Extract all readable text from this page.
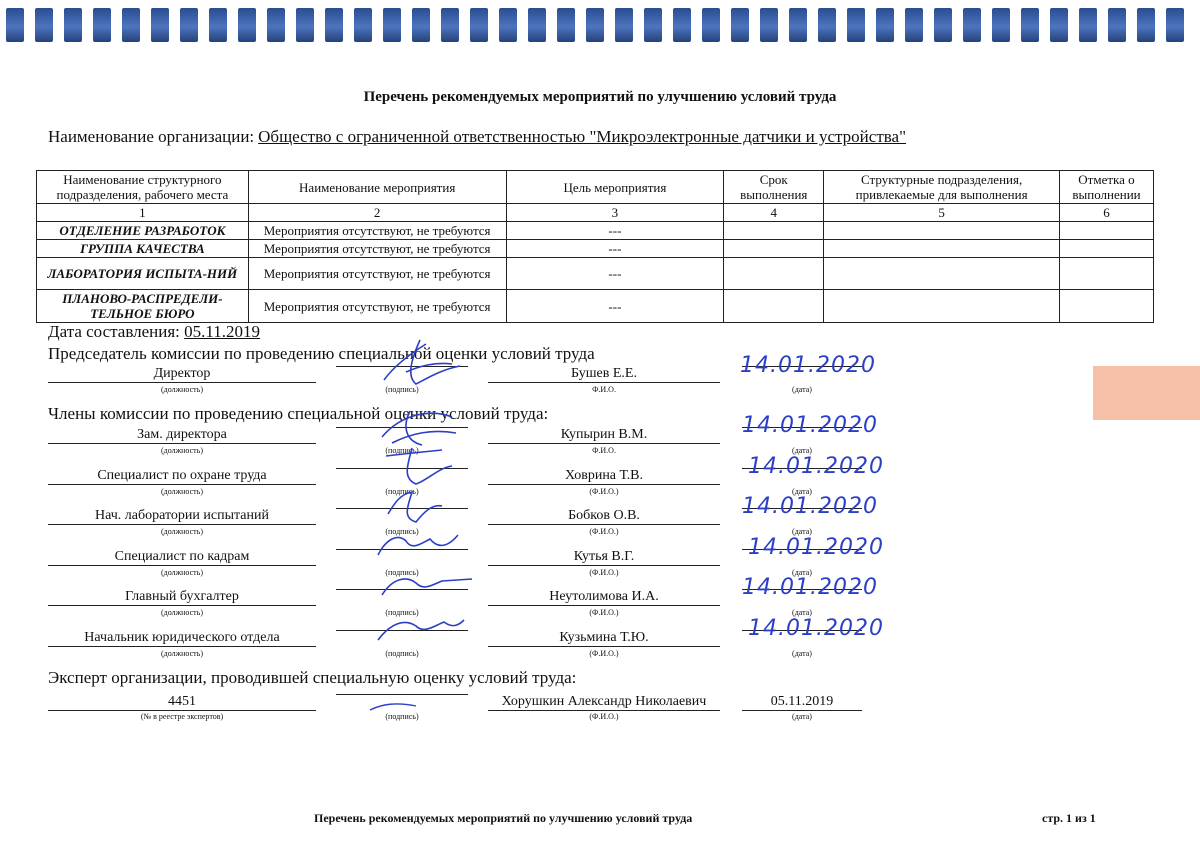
Перечень рекомендуемых мероприятий по улучшению условий труда
Наименование организации: Общество с ограниченной ответственностью "Микроэлектронные датчики и устройства"
Наименование структурного подразделения, рабочего места	Наименование мероприятия	Цель мероприятия	Срок выполнения	Структурные подразделения, привлекаемые для выполнения	Отметка о выполнении
1	2	3	4	5	6
ОТДЕЛЕНИЕ РАЗРАБОТОК	Мероприятия отсутствуют, не требуются	---			
ГРУППА КАЧЕСТВА	Мероприятия отсутствуют, не требуются	---			
ЛАБОРАТОРИЯ ИСПЫТА-НИЙ	Мероприятия отсутствуют, не требуются	---			
ПЛАНОВО-РАСПРЕДЕЛИ-ТЕЛЬНОЕ БЮРО	Мероприятия отсутствуют, не требуются	---			
Дата составления: 05.11.2019
Председатель комиссии по проведению специальной оценки условий труда
Члены комиссии по проведению специальной оценки условий труда:
Эксперт организации, проводившей специальную оценку условий труда:
Директор	Бушев Е.Е.
(должность)	(подпись)	Ф.И.О.	(дата)
14.01.2020
Зам. директора	Купырин В.М.
(должность)	(подпись)	Ф.И.О.	(дата)
14.01.2020
Специалист по охране труда	Ховрина Т.В.
(должность)	(подпись)	(Ф.И.О.)	(дата)
14.01.2020
Нач. лаборатории испытаний	Бобков О.В.
(должность)	(подпись)	(Ф.И.О.)	(дата)
14.01.2020
Специалист по кадрам	Кутья В.Г.
(должность)	(подпись)	(Ф.И.О.)	(дата)
14.01.2020
Главный бухгалтер	Неутолимова И.А.
(должность)	(подпись)	(Ф.И.О.)	(дата)
14.01.2020
Начальник юридического отдела	Кузьмина Т.Ю.
(должность)	(подпись)	(Ф.И.О.)	(дата)
14.01.2020
4451	Хорушкин Александр Николаевич	05.11.2019
(№ в реестре экспертов)	(подпись)	(Ф.И.О.)	(дата)
Перечень рекомендуемых мероприятий по улучшению условий труда	стр. 1 из 1
